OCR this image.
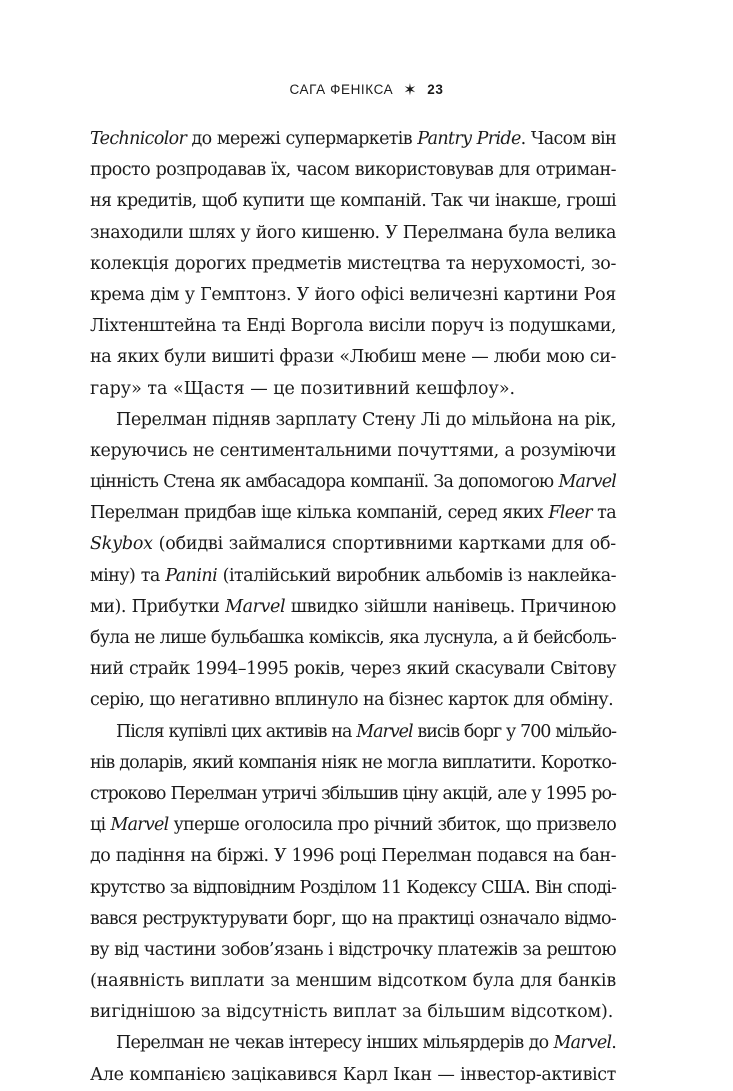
САГА ФЕНІКСА ✶ 23
Technicolor до мережі супермаркетів Pantry Pride. Часом він
просто розпродавав їх, часом використовував для отриман-
ня кредитів, щоб купити ще компаній. Так чи інакше, гроші
знаходили шлях у його кишеню. У Перелмана була велика
колекція дорогих предметів мистецтва та нерухомості, зо-
крема дім у Гемптонз. У його офісі величезні картини Роя
Ліхтенштейна та Енді Воргола висіли поруч із подушками,
на яких були вишиті фрази «Любиш мене — люби мою си-
гару» та «Щастя — це позитивний кешфлоу».
Перелман підняв зарплату Стену Лі до мільйона на рік,
керуючись не сентиментальними почуттями, а розуміючи
цінність Стена як амбасадора компанії. За допомогою Marvel
Перелман придбав іще кілька компаній, серед яких Fleer та
Skybox (обидві займалися спортивними картками для об-
міну) та Panini (італійський виробник альбомів із наклейка-
ми). Прибутки Marvel швидко зійшли нанівець. Причиною
була не лише бульбашка коміксів, яка луснула, а й бейсболь-
ний страйк 1994–1995 років, через який скасували Світову
серію, що негативно вплинуло на бізнес карток для обміну.
Після купівлі цих активів на Marvel висів борг у 700 мільйо-
нів доларів, який компанія ніяк не могла виплатити. Коротко-
строково Перелман утричі збільшив ціну акцій, але у 1995 ро-
ці Marvel уперше оголосила про річний збиток, що призвело
до падіння на біржі. У 1996 році Перелман подався на бан-
крутство за відповідним Розділом 11 Кодексу США. Він споді-
вався реструктурувати борг, що на практиці означало відмо-
ву від частини зобов’язань і відстрочку платежів за рештою
(наявність виплати за меншим відсотком була для банків
вигіднішою за відсутність виплат за більшим відсотком).
Перелман не чекав інтересу інших мільярдерів до Marvel.
Але компанією зацікавився Карл Ікан — інвестор-активіст
